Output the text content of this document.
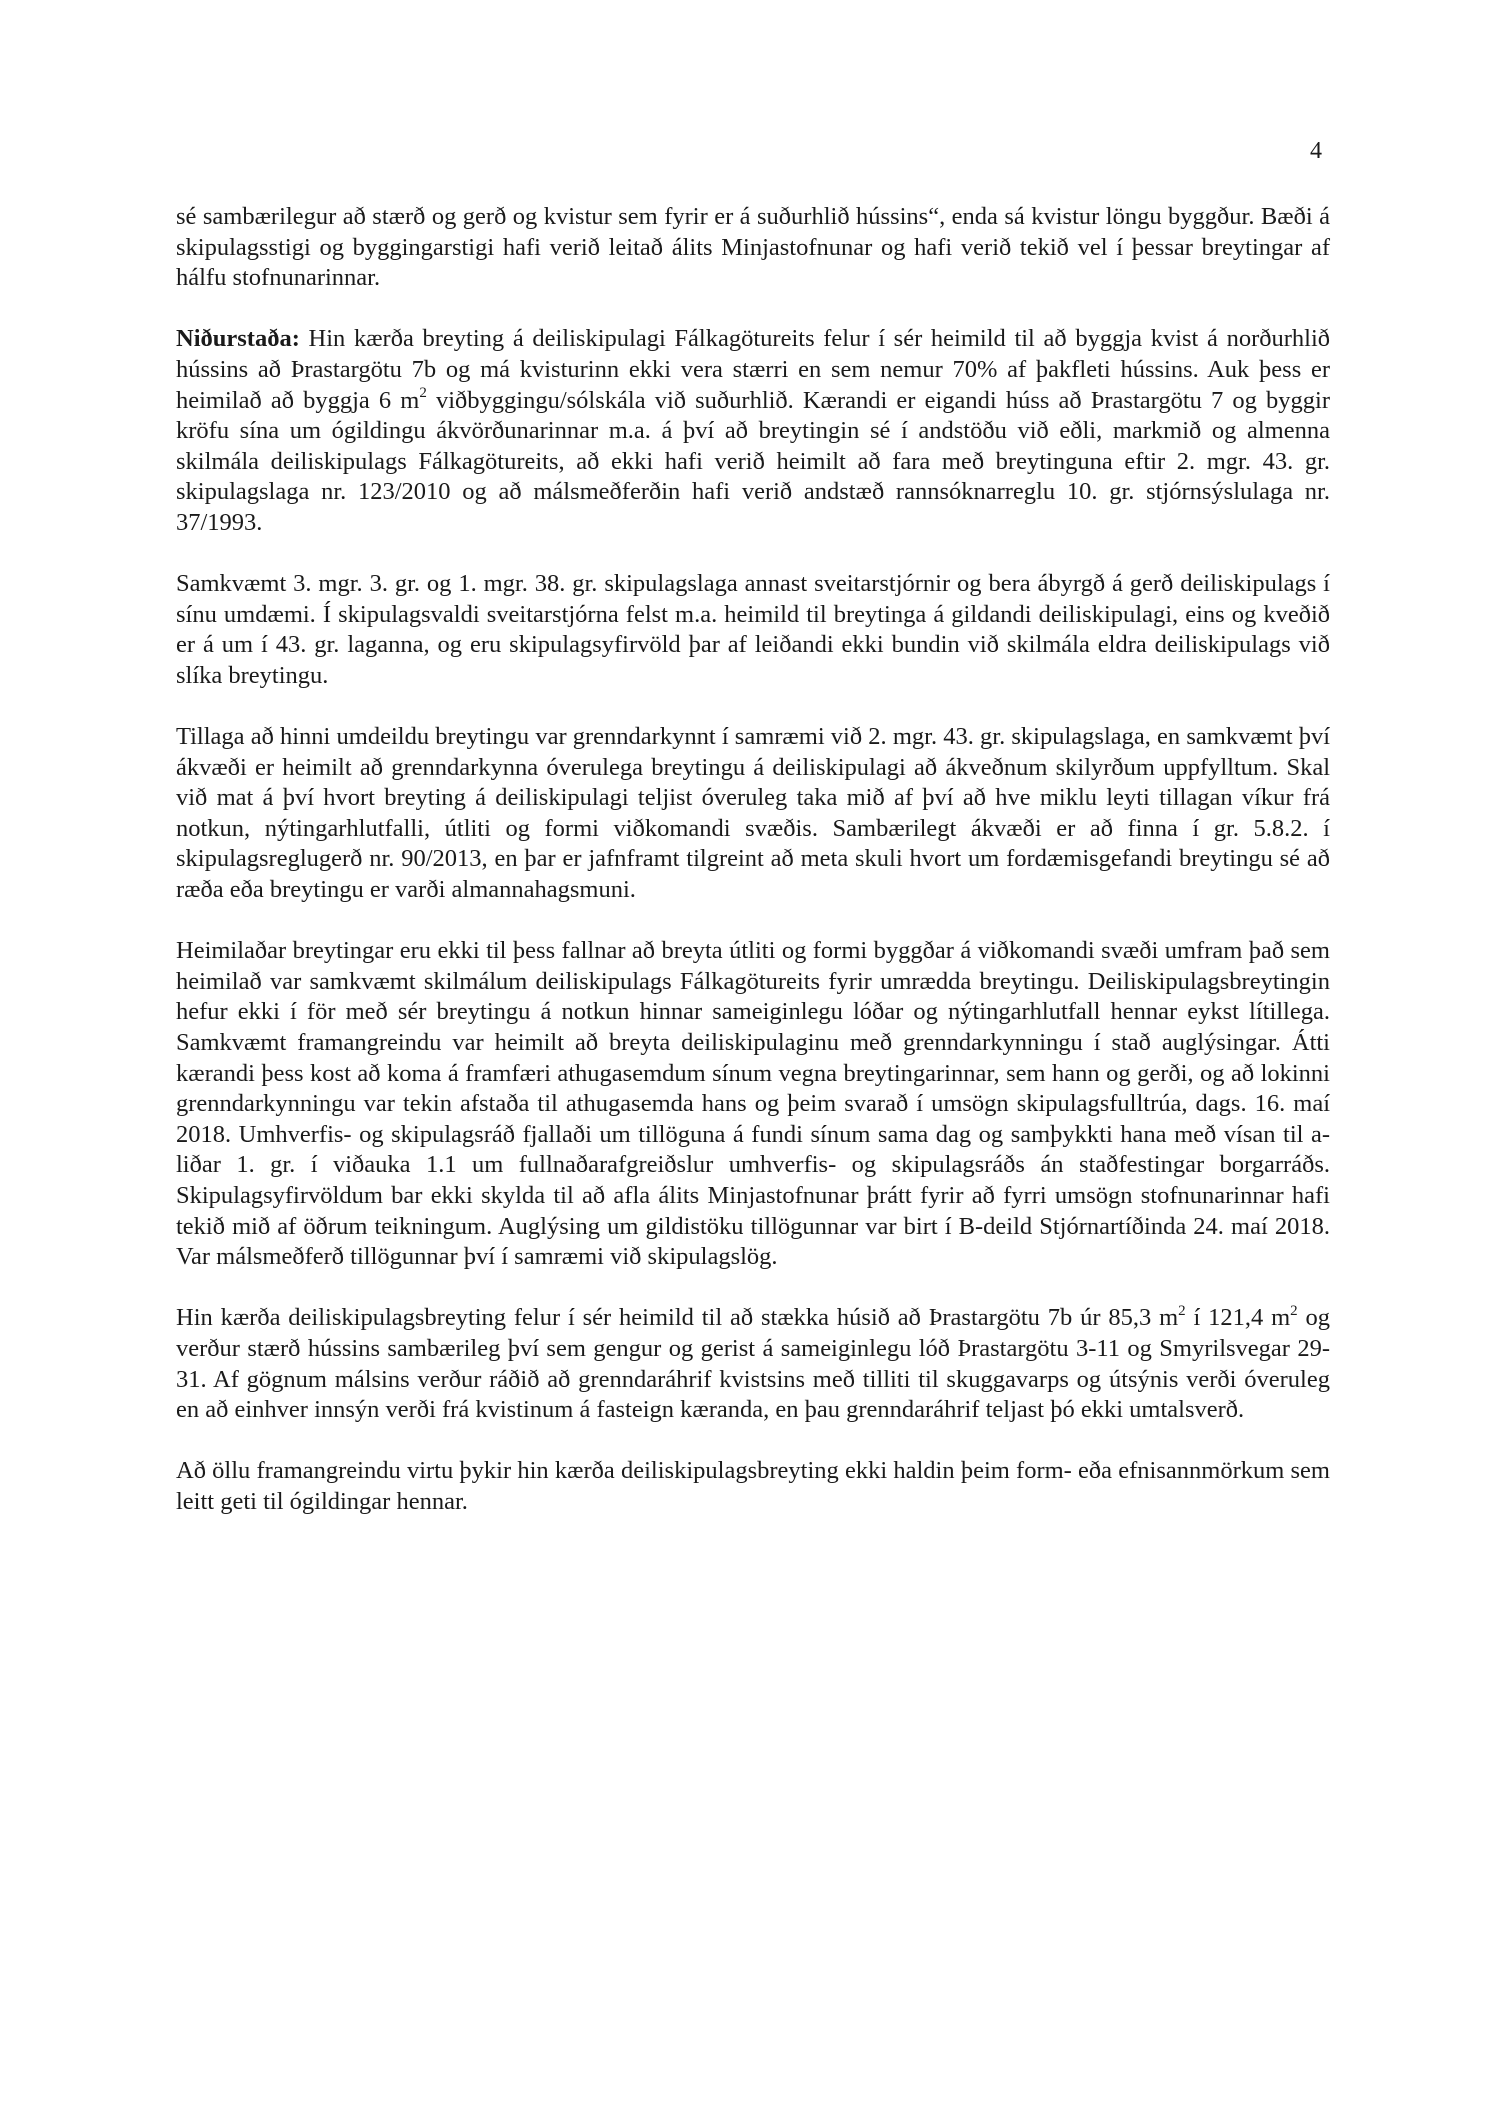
4

sé sambærilegur að stærð og gerð og kvistur sem fyrir er á suðurhlið hússins“, enda sá kvistur löngu byggður. Bæði á skipulagsstigi og byggingarstigi hafi verið leitað álits Minjastofnunar og hafi verið tekið vel í þessar breytingar af hálfu stofnunarinnar.

Niðurstaða: Hin kærða breyting á deiliskipulagi Fálkagötureits felur í sér heimild til að byggja kvist á norðurhlið hússins að Þrastargötu 7b og má kvisturinn ekki vera stærri en sem nemur 70% af þakfleti hússins. Auk þess er heimilað að byggja 6 $m^2$ viðbyggingu/sólskála við suðurhlið. Kærandi er eigandi húss að Þrastargötu 7 og byggir kröfu sína um ógildingu ákvörðunarinnar m.a. á því að breytingin sé í andstöðu við eðli, markmið og almenna skilmála deiliskipulags Fálkagötureits, að ekki hafi verið heimilt að fara með breytinguna eftir 2. mgr. 43. gr. skipulagslaga nr. 123/2010 og að málsmeðferðin hafi verið andstæð rannsóknarreglu 10. gr. stjórnsýslulaga nr. 37/1993.

Samkvæmt 3. mgr. 3. gr. og 1. mgr. 38. gr. skipulagslaga annast sveitarstjórnir og bera ábyrgð á gerð deiliskipulags í sínu umdæmi. Í skipulagsvaldi sveitarstjórna felst m.a. heimild til breytinga á gildandi deiliskipulagi, eins og kveðið er á um í 43. gr. laganna, og eru skipulagsyfirvöld þar af leiðandi ekki bundin við skilmála eldra deiliskipulags við slíka breytingu.

Tillaga að hinni umdeildu breytingu var grenndarkynnt í samræmi við 2. mgr. 43. gr. skipulagslaga, en samkvæmt því ákvæði er heimilt að grenndarkynna óverulega breytingu á deiliskipulagi að ákveðnum skilyrðum uppfylltum. Skal við mat á því hvort breyting á deiliskipulagi teljist óveruleg taka mið af því að hve miklu leyti tillagan víkur frá notkun, nýtingarhlutfalli, útliti og formi viðkomandi svæðis. Sambærilegt ákvæði er að finna í gr. 5.8.2. í skipulagsreglugerð nr. 90/2013, en þar er jafnframt tilgreint að meta skuli hvort um fordæmisgefandi breytingu sé að ræða eða breytingu er varði almannahagsmuni.

Heimilaðar breytingar eru ekki til þess fallnar að breyta útliti og formi byggðar á viðkomandi svæði umfram það sem heimilað var samkvæmt skilmálum deiliskipulags Fálkagötureits fyrir umrædda breytingu. Deiliskipulagsbreytingin hefur ekki í för með sér breytingu á notkun hinnar sameiginlegu lóðar og nýtingarhlutfall hennar eykst lítillega. Samkvæmt framangreindu var heimilt að breyta deiliskipulaginu með grenndarkynningu í stað auglýsingar. Átti kærandi þess kost að koma á framfæri athugasemdum sínum vegna breytingarinnar, sem hann og gerði, og að lokinni grenndarkynningu var tekin afstaða til athugasemda hans og þeim svarað í umsögn skipulagsfulltrúa, dags. 16. maí 2018. Umhverfis- og skipulagsráð fjallaði um tillöguna á fundi sínum sama dag og samþykkti hana með vísan til a-liðar 1. gr. í viðauka 1.1 um fullnaðarafgreiðslur umhverfis- og skipulagsráðs án staðfestingar borgarráðs. Skipulagsyfirvöldum bar ekki skylda til að afla álits Minjastofnunar þrátt fyrir að fyrri umsögn stofnunarinnar hafi tekið mið af öðrum teikningum. Auglýsing um gildistöku tillögunnar var birt í B-deild Stjórnartíðinda 24. maí 2018. Var málsmeðferð tillögunnar því í samræmi við skipulagslög.

Hin kærða deiliskipulagsbreyting felur í sér heimild til að stækka húsið að Þrastargötu 7b úr 85,3 $m^2$ í 121,4 $m^2$ og verður stærð hússins sambærileg því sem gengur og gerist á sameiginlegu lóð Þrastargötu 3-11 og Smyrilsvegar 29-31. Af gögnum málsins verður ráðið að grenndaráhrif kvistsins með tilliti til skuggavarps og útsýnis verði óveruleg en að einhver innsýn verði frá kvistinum á fasteign kæranda, en þau grenndaráhrif teljast þó ekki umtalsverð.

Að öllu framangreindu virtu þykir hin kærða deiliskipulagsbreyting ekki haldin þeim form- eða efnisannmörkum sem leitt geti til ógildingar hennar.
